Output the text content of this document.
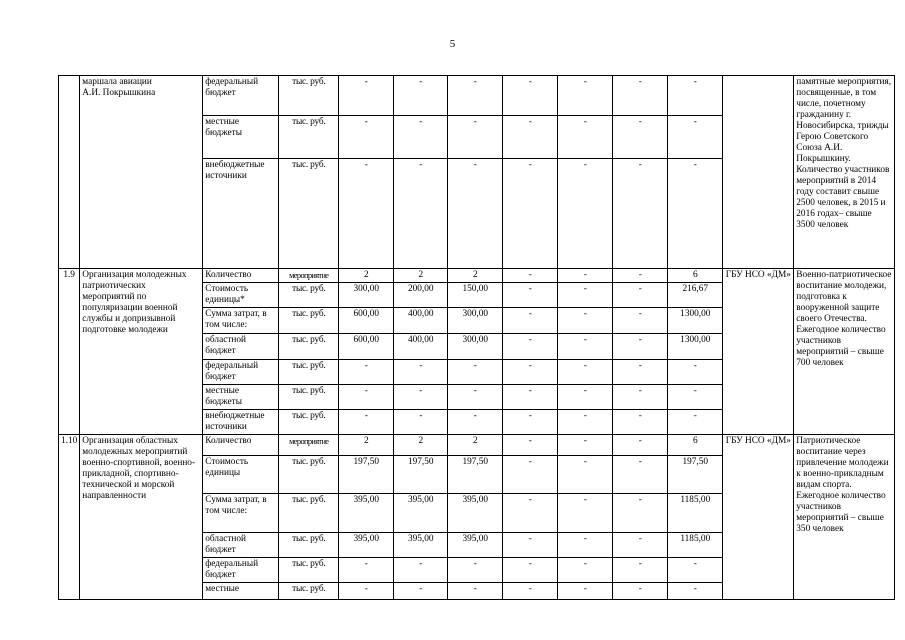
5
	маршала авиации
А.И. Покрышкина	федеральный бюджет	тыс. руб.	-	-	-	-	-	-	-		памятные мероприятия, посвященные, в том числе, почетному гражданину г. Новосибирска, трижды Герою Советского Союза А.И. Покрышкину. Количество участников мероприятий в 2014 году составит свыше 2500 человек, в 2015 и 2016 годах– свыше 3500 человек
		местные бюджеты	тыс. руб.	-	-	-	-	-	-	-		
		внебюджетные источники	тыс. руб.	-	-	-	-	-	-	-		
1.9	Организация молодежных патриотических мероприятий по популяризации военной службы и допризывной подготовке молодежи	Количество	мероприятие	2	2	2	-	-	-	6	ГБУ НСО «ДМ»	Военно-патриотическое воспитание молодежи, подготовка к вооруженной защите своего Отечества. Ежегодное количество участников мероприятий – свыше 700 человек
		Стоимость единицы*	тыс. руб.	300,00	200,00	150,00	-	-	-	216,67		
		Сумма затрат, в том числе:	тыс. руб.	600,00	400,00	300,00	-	-	-	1300,00		
		областной бюджет	тыс. руб.	600,00	400,00	300,00	-	-	-	1300,00		
		федеральный бюджет	тыс. руб.	-	-	-	-	-	-	-		
		местные бюджеты	тыс. руб.	-	-	-	-	-	-	-		
		внебюджетные источники	тыс. руб.	-	-	-	-	-	-	-		
1.10	Организация областных молодежных мероприятий военно-спортивной, военно-прикладной, спортивно-технической и морской направленности	Количество	мероприятие	2	2	2	-	-	-	6	ГБУ НСО «ДМ»	Патриотическое воспитание через привлечение молодежи к военно-прикладным видам спорта. Ежегодное количество участников мероприятий – свыше 350 человек
		Стоимость единицы	тыс. руб.	197,50	197,50	197,50	-	-	-	197,50		
		Сумма затрат, в том числе:	тыс. руб.	395,00	395,00	395,00	-	-	-	1185,00		
		областной бюджет	тыс. руб.	395,00	395,00	395,00	-	-	-	1185,00		
		федеральный бюджет	тыс. руб.	-	-	-	-	-	-	-		
		местные	тыс. руб.	-	-	-	-	-	-	-		
